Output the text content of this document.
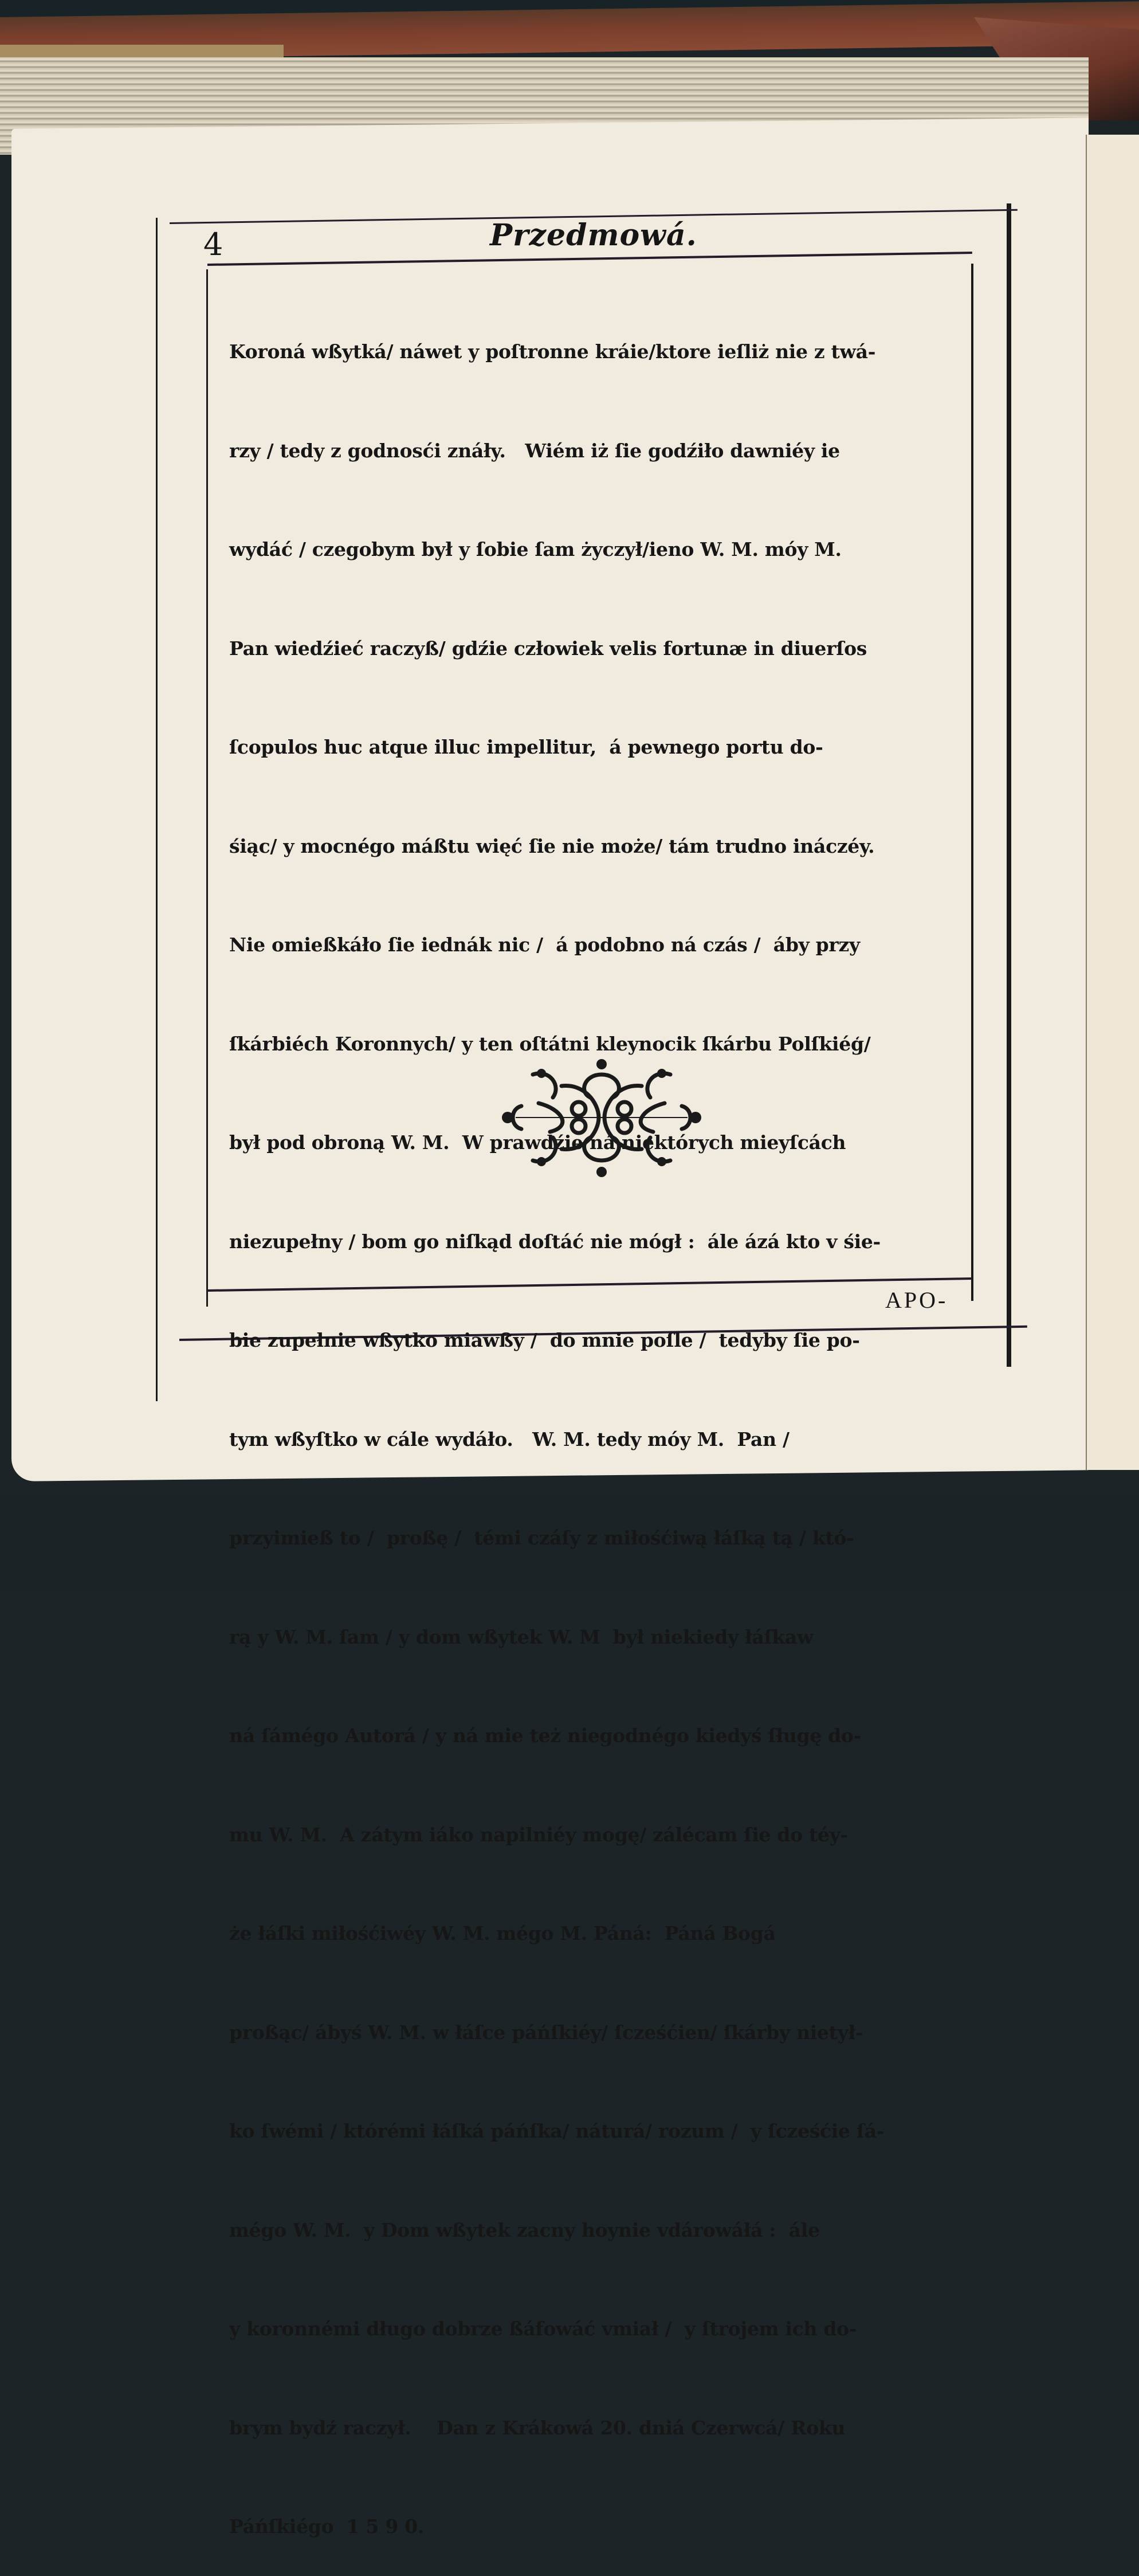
4	Przedmowá.

Koroná wßytká/ náwet y poſtronne kráie/ktore ieſliż nie z twá-

rzy / tedy z godnosći znáły.   Wiém iż ſie godźiło dawniéy ie

wydáć / czegobym był y ſobie ſam życzył/ieno W. M. móy M.

Pan wiedźieć raczyß/ gdźie człowiek velis fortunæ in diuerſos

ſcopulos huc atque illuc impellitur,  á pewnego portu do-

śiąc/ y mocnégo máßtu więć ſie nie może/ tám trudno ináczéy.

Nie omießkáło ſie iednák nic /  á podobno ná czás /  áby przy

ſkárbiéch Koronnych/ y ten oſtátni kleynocik ſkárbu Polſkiéģ/

był pod obroną W. M.  W prawdźie ná niektórych mieyſcách

niezupełny / bom go niſkąd doſtáć nie mógł :  ále ázá kto v śie-

bie zupełnie wßytko miawßy /  do mnie poſle /  tedyby ſie po-

tym wßyſtko w cále wydáło.   W. M. tedy móy M.  Pan /

przyimieß to /  proßę /  témi czáſy z miłośćiwą łáſką tą / któ-

rą y W. M. ſam / y dom wßytek W. M  był niekiedy łáſkaw

ná ſámégo Autorá / y ná mie też niegodnégo kiedyś ſługę do-

mu W. M.  A zátym iáko napilniéy mogę/ zálécam ſie do téy-

że łáſki miłośćiwéy W. M. mégo M. Páná:  Páná Bogá

proßąc/ ábyś W. M. w łáſce páńſkiéy/ ſcześćien/ ſkárby nietył-

ko ſwémi / którémi łáſká páńſka/ náturá/ rozum /  y ſcześćie ſá-

mégo W. M.  y Dom wßytek zacny hoynie vdárowáłá :  ále

y koronnémi długo dobrze ßáfowáć vmiał /  y ſtrojem ich do-

brym bydź raczył.    Dan z Krákowá 20. dniá Czerwcá/ Roku

Páńſkiégo  1 5 9 0.

APO-
